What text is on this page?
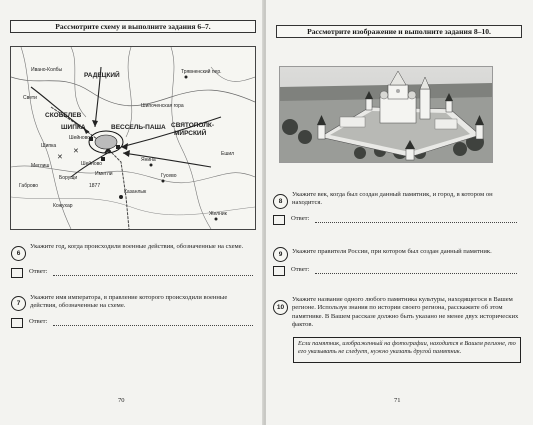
Рассмотрите схему и выполните задания 6–7.
✕
✕
РАДЕЦКИЙ
СКОБЕЛЕВ
ШИПКА	ВЕССЕЛЬ-ПАША СВЯТОПОЛК-
МИРСКИЙ
Казанлык
Янина
Гусево
Трявненский пер.
Шипка
Желник
Шейново
Ивано-Колбы
Свети
Габрово
Кожухар
Ешил
Иметли
Шипоченская гора
1877
Меглиш
Борущи
Шейново
6
Укажите год, когда происходили военные действия, обозначенные на схеме.
Ответ:
7
Укажите имя императора, в правление которого происходили военные действия, обозначенные на схеме.
Ответ:
70
Рассмотрите изображение и выполните задания 8–10.
8
Укажите век, когда был создан данный памятник, и город, в котором он находится.
Ответ:
9	Укажите правителя России, при котором был создан данный памятник.
Ответ:
10
Укажите название одного любого памятника культуры, находящегося в Вашем регионе. Используя знания по истории своего региона, расскажите об этом памятнике. В Вашем рассказе должно быть указано не менее двух исторических фактов.
Если памятник, изображенный на фотографии, находится в Вашем регионе, то его указывать не следует, нужно указать другой памятник.
71
